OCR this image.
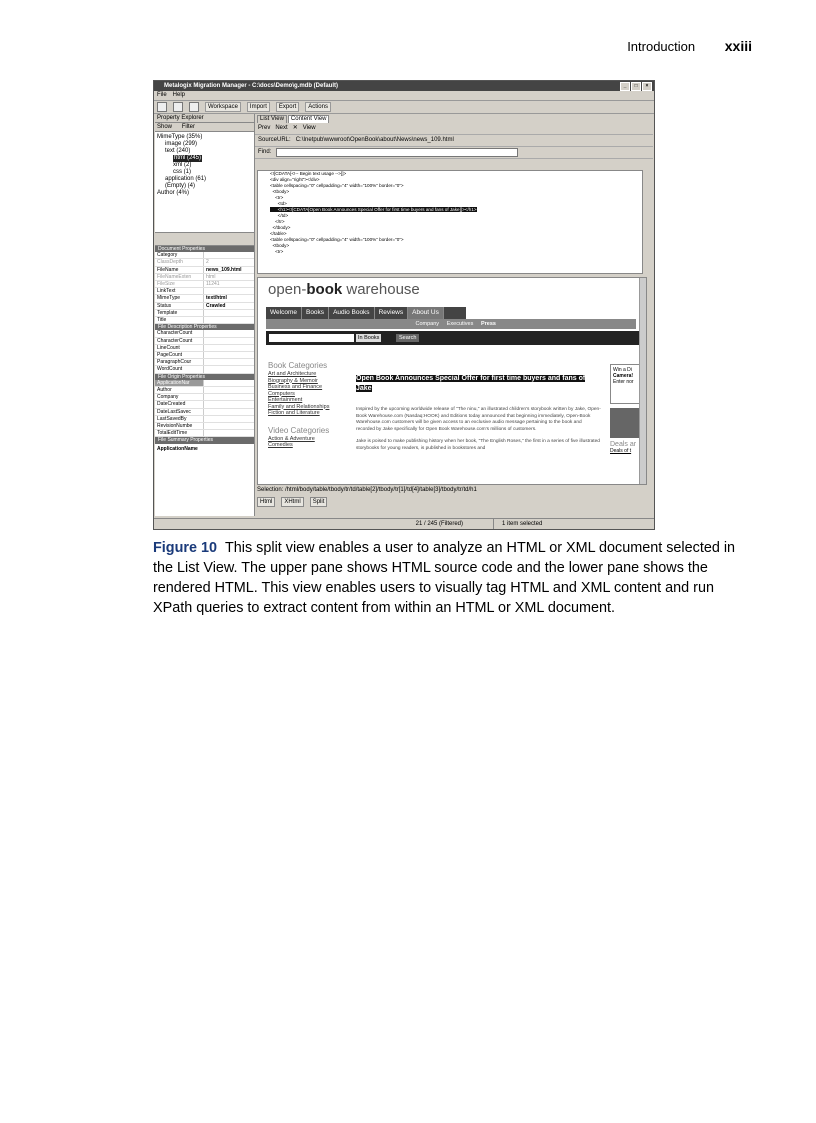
Introduction xxiii
Metalogix Migration Manager - C:\docs\Demo\g.mdb (Default)	_	□	×
File Help
Workspace	Import	Export	Actions
Property Explorer
Show Filter
MimeType (35%)
image (299)
text (240)
html (245)
xml (2)
css (1)
application (61)
(Empty) (4)
Author (4%)
Document Properties
Category
ClassDepth	2
FileName	news_109.html
FileNameExten	html
FileSize	11241
LinkText
MimeType	text/html
Status	Crawled
Template
Title
File Description Properties
CharacterCount
CharacterCount
LineCount
PageCount
ParagraphCour
WordCount
File Origin Properties
ApplicationNar
Author
Company
DateCreated
DateLastSavec
LastSavedBy
RevisionNumbe
TotalEditTime
File Summary Properties
ApplicationName
List View	Content View
Prev Next ✕ View
SourceURL: C:\Inetpub\wwwroot\OpenBook\about\News\news_109.html
Find:
<![CDATA[<!-- Begin text usage -->]]>
<div align="right"></div>
<table cellspacing="0" cellpadding="4" width="100%" border="0">
<tbody>
<tr>
<td>
<h1><![CDATA[Open Book Announces Special Offer for first time buyers and fans of Jake]]></h1>
</td>
</tr>
</tbody>
</table>
<table cellspacing="0" cellpadding="4" width="100%" border="0">
<tbody>
<tr>
open-book warehouse
Welcome	Books	Audio Books	Reviews	About Us
Company Executives Press
In Books	Search
Book Categories
Art and Architecture
Biography & Memoir
Business and Finance
Computers
Entertainment
Family and Relationships
Fiction and Literature
Video Categories
Action & Adventure
Comedies
Open Book Announces Special Offer for first time buyers and fans of Jake

Inspired by the upcoming worldwide release of "The ninu," an illustrated children's storybook written by Jake, Open-Book Warehouse.com (Nasdaq:HOOK) and Editions today announced that beginning immediately, Open-Book Warehouse.com customers will be given access to an exclusive audio message pertaining to the book and recorded by Jake specifically for Open Book Warehouse.com's millions of customers.

Jake is poised to make publishing history when her book, "The English Roses," the first in a series of five illustrated storybooks for young readers, is published in bookstores and

Win a Di
Camera!
Enter nor
Deals ar
Deals of t
Selection: /html/body/table/tbody/tr/td/table[2]/tbody/tr[1]/td[4]/table[3]/tbody/tr/td/h1
Html	XHtml	Split
21 / 245 (Filtered)	1 item selected
Figure 10 This split view enables a user to analyze an HTML or XML document selected in the List View. The upper pane shows HTML source code and the lower pane shows the rendered HTML. This view enables users to visually tag HTML and XML content and run XPath queries to extract content from within an HTML or XML document.
